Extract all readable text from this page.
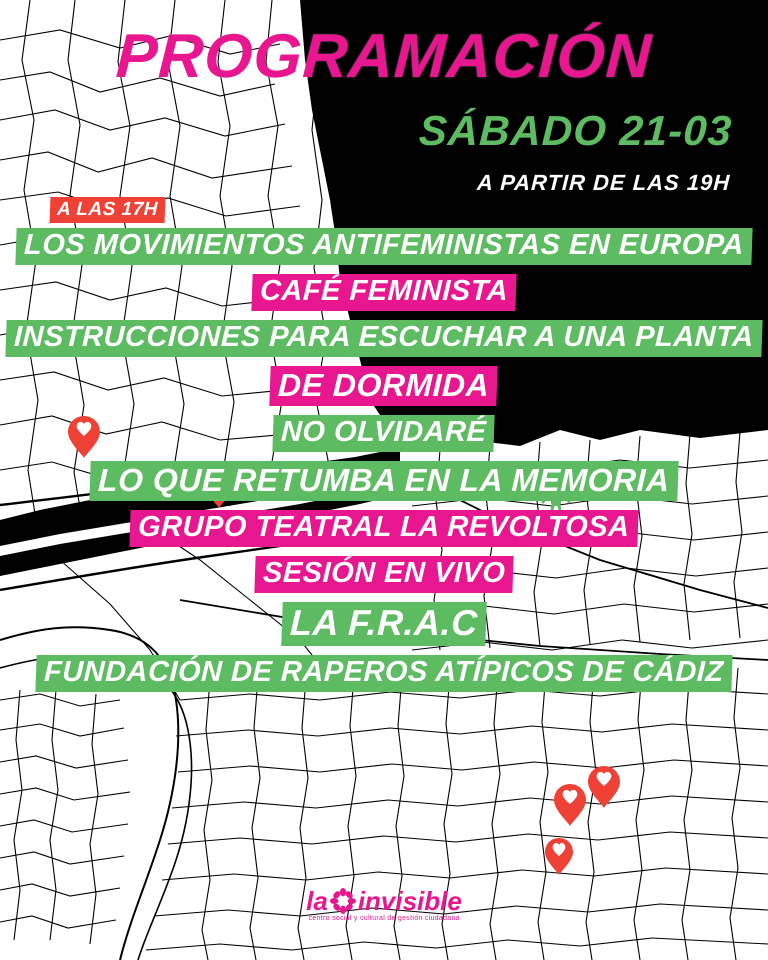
PROGRAMACIÓN
SÁBADO 21-03
A PARTIR DE LAS 19H
A LAS 17H
LOS MOVIMIENTOS ANTIFEMINISTAS EN EUROPA
CAFÉ FEMINISTA
INSTRUCCIONES PARA ESCUCHAR A UNA PLANTA
DE DORMIDA
NO OLVIDARÉ
LO QUE RETUMBA EN LA MEMORIA
GRUPO TEATRAL LA REVOLTOSA
SESIÓN EN VIVO
LA F.R.A.C
FUNDACIÓN DE RAPEROS ATÍPICOS DE CÁDIZ
la invisible
centro social y cultural de gestión ciudadana
